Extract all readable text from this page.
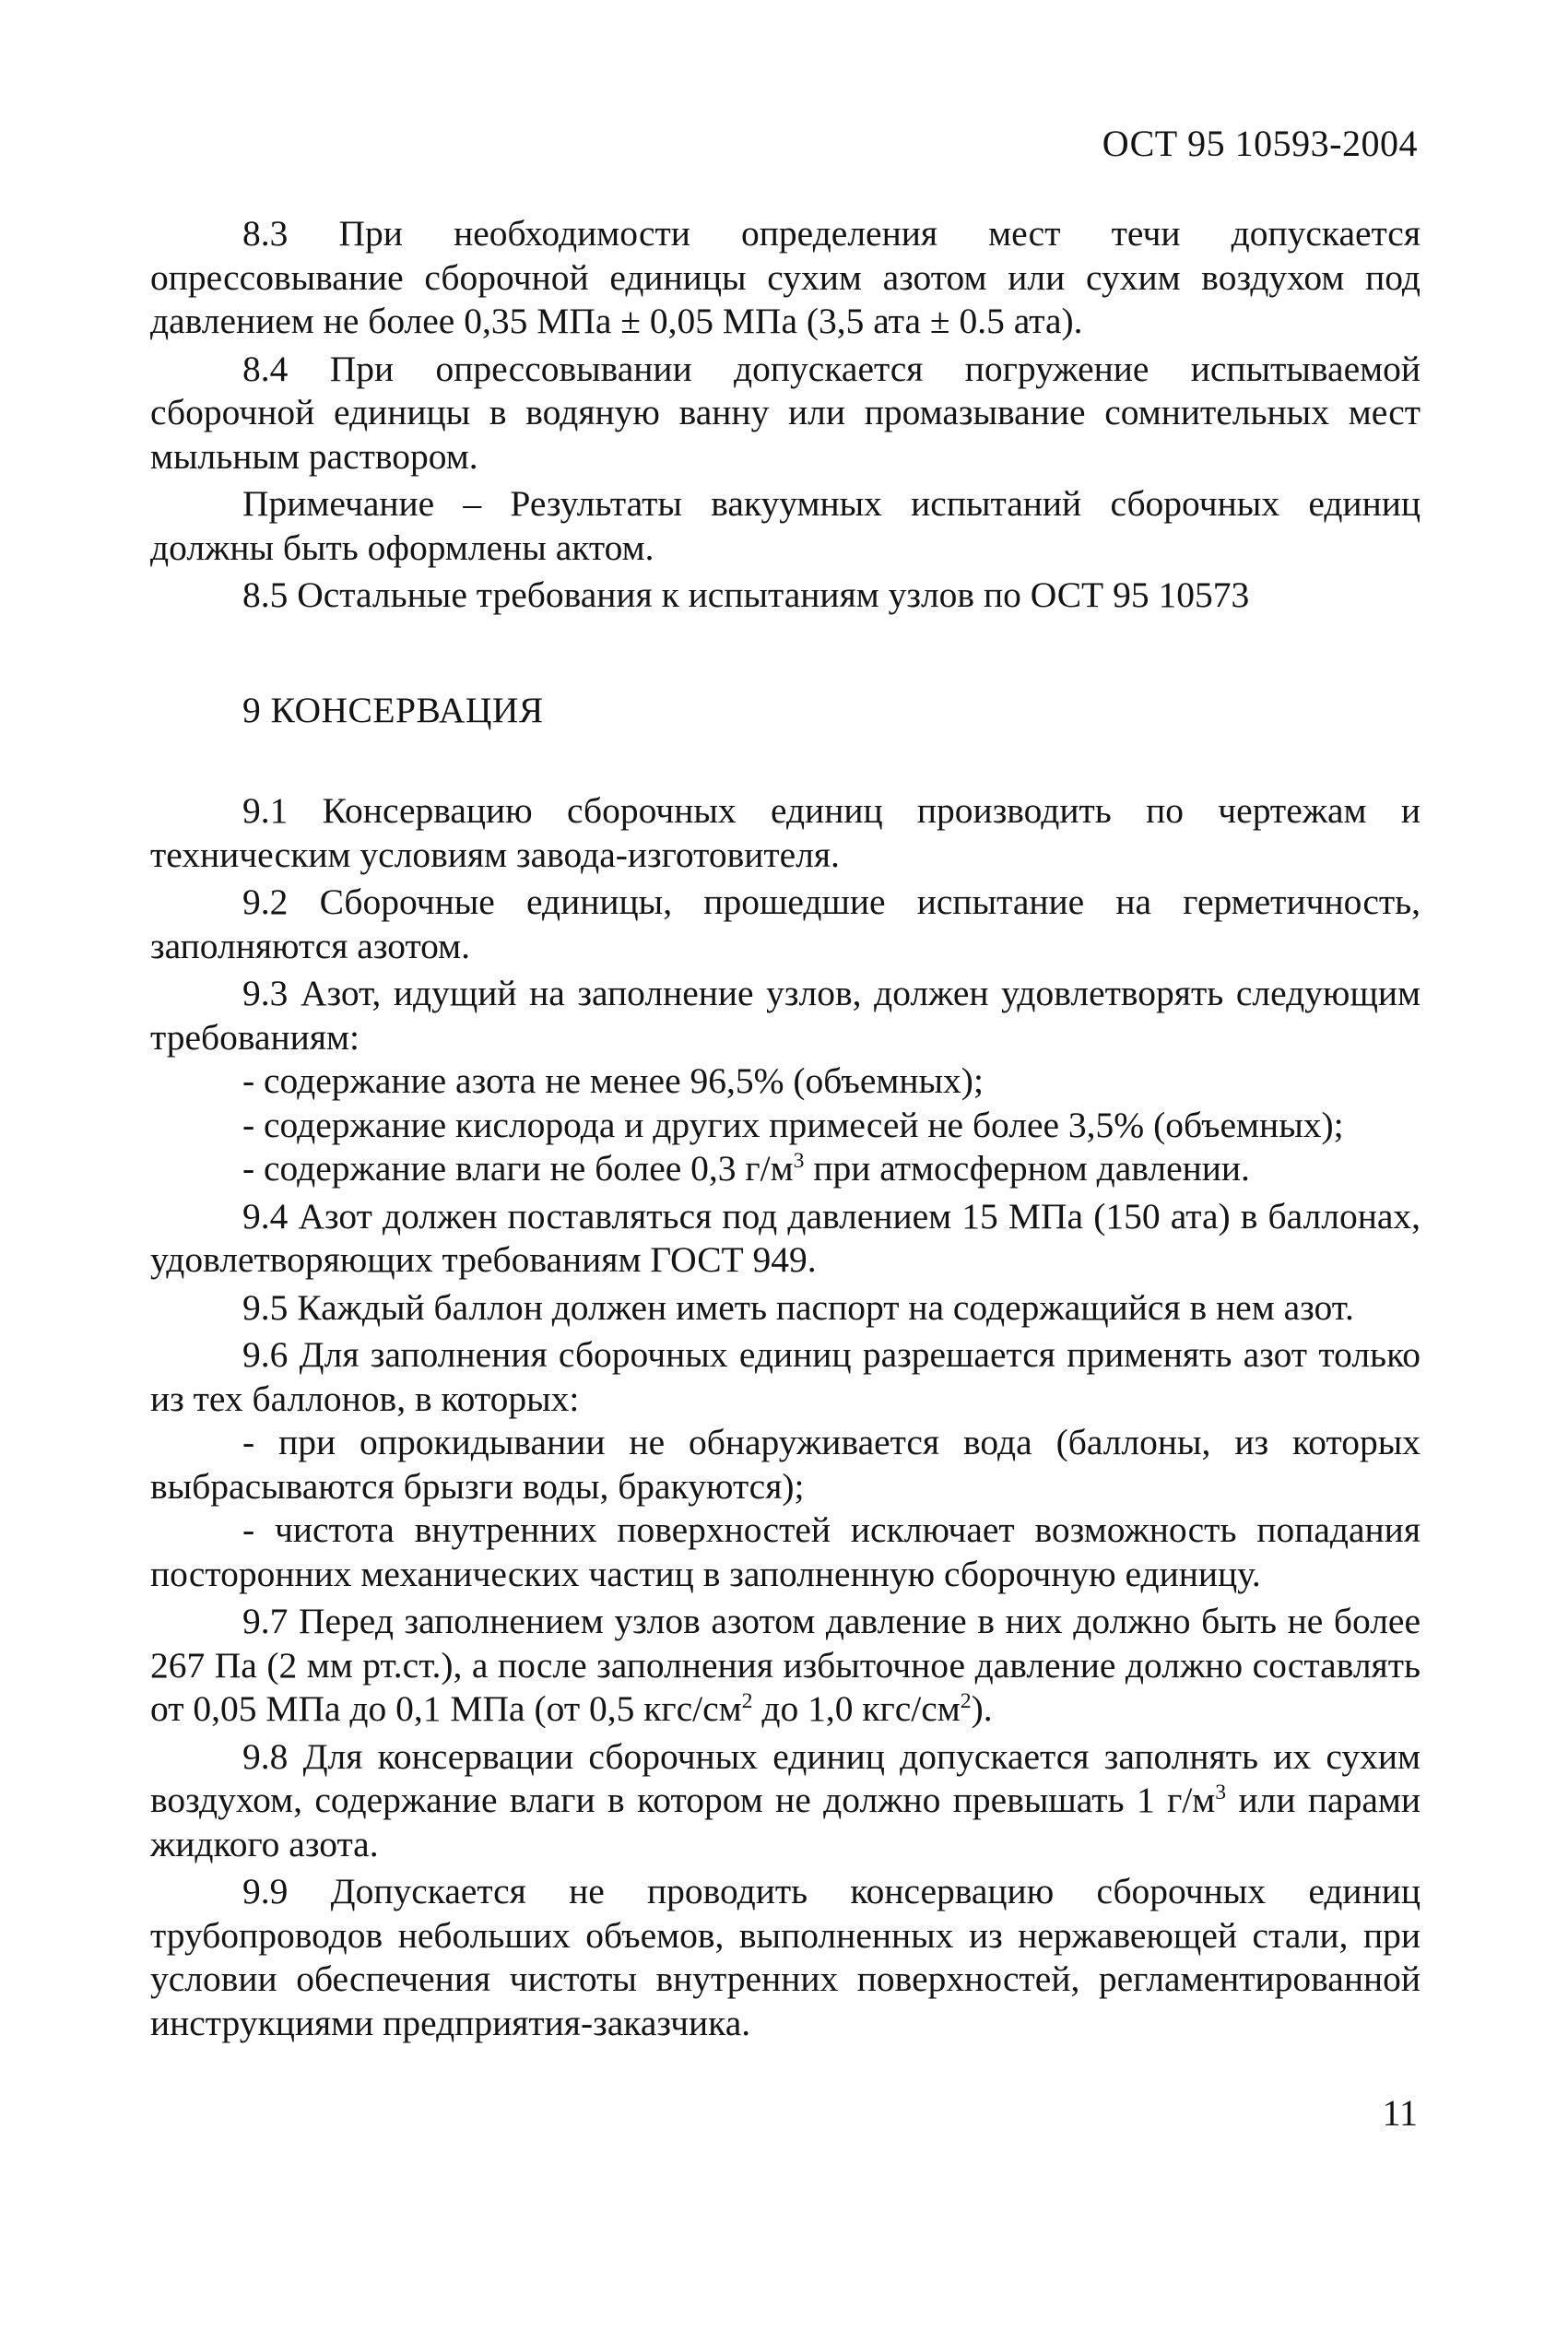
ОСТ 95 10593-2004

8.3 При необходимости определения мест течи допускается опрессовывание сборочной единицы сухим азотом или сухим воздухом под давлением не более 0,35 МПа ± 0,05 МПа (3,5 ата ± 0.5 ата).

8.4 При опрессовывании допускается погружение испытываемой сборочной единицы в водяную ванну или промазывание сомнительных мест мыльным раствором.

Примечание – Результаты вакуумных испытаний сборочных единиц должны быть оформлены актом.

8.5 Остальные требования к испытаниям узлов по ОСТ 95 10573

9 КОНСЕРВАЦИЯ

9.1 Консервацию сборочных единиц производить по чертежам и техническим условиям завода-изготовителя.

9.2 Сборочные единицы, прошедшие испытание на герметичность, заполняются азотом.

9.3 Азот, идущий на заполнение узлов, должен удовлетворять следующим требованиям:

- содержание азота не менее 96,5% (объемных);

- содержание кислорода и других примесей не более 3,5% (объемных);

- содержание влаги не более 0,3 $г/м^3$ при атмосферном давлении.

9.4 Азот должен поставляться под давлением 15 МПа (150 ата) в баллонах, удовлетворяющих требованиям ГОСТ 949.

9.5 Каждый баллон должен иметь паспорт на содержащийся в нем азот.

9.6 Для заполнения сборочных единиц разрешается применять азот только из тех баллонов, в которых:

- при опрокидывании не обнаруживается вода (баллоны, из которых выбрасываются брызги воды, бракуются);

- чистота внутренних поверхностей исключает возможность попадания посторонних механических частиц в заполненную сборочную единицу.

9.7 Перед заполнением узлов азотом давление в них должно быть не более 267 Па (2 мм рт.ст.), а после заполнения избыточное давление должно составлять от 0,05 МПа до 0,1 МПа (от 0,5 кгс/$см^2$ до 1,0 кгс/$см^2$).

9.8 Для консервации сборочных единиц допускается заполнять их сухим воздухом, содержание влаги в котором не должно превышать 1 $г/м^3$ или парами жидкого азота.

9.9 Допускается не проводить консервацию сборочных единиц трубопроводов небольших объемов, выполненных из нержавеющей стали, при условии обеспечения чистоты внутренних поверхностей, регламентированной инструкциями предприятия-заказчика.

11
